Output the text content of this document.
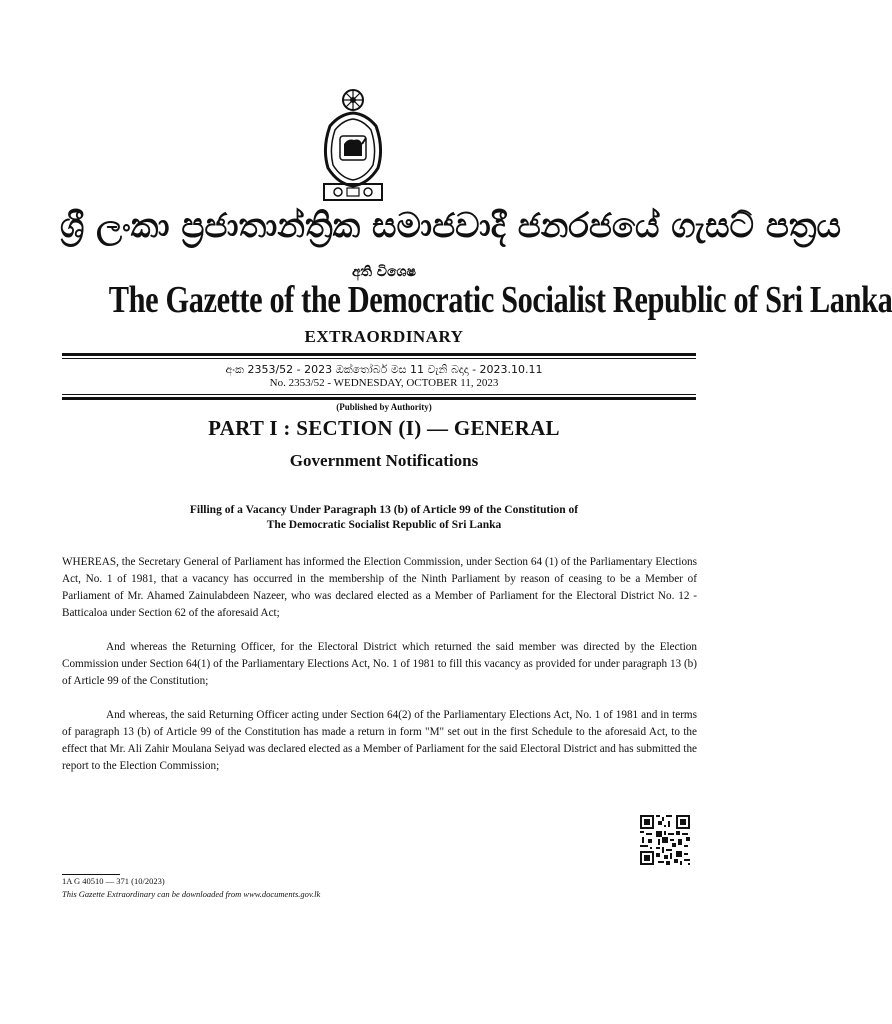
ශ්‍රී ලංකා ප්‍රජාතාන්ත්‍රික සමාජවාදී ජනරජයේ ගැසට් පත්‍රය
අති විශෙෂ
The Gazette of the Democratic Socialist Republic of Sri Lanka
EXTRAORDINARY
අංක 2353/52 - 2023 ඔක්තෝබර් මස 11 වැනි බදාදා - 2023.10.11
No. 2353/52 - WEDNESDAY, OCTOBER 11, 2023
(Published by Authority)
PART I : SECTION (I) — GENERAL
Government Notifications
Filling of a Vacancy Under Paragraph 13 (b) of Article 99 of the Constitution of
The Democratic Socialist Republic of Sri Lanka

WHEREAS, the Secretary General of Parliament has informed the Election Commission, under Section 64 (1) of the Parliamentary Elections Act, No. 1 of 1981, that a vacancy has occurred in the membership of the Ninth Parliament by reason of ceasing to be a Member of Parliament of Mr. Ahamed Zainulabdeen Nazeer, who was declared elected as a Member of Parliament for the Electoral District No. 12 - Batticaloa under Section 62 of the aforesaid Act;

And whereas the Returning Officer, for the Electoral District which returned the said member was directed by the Election Commission under Section 64(1) of the Parliamentary Elections Act, No. 1 of 1981 to fill this vacancy as provided for under paragraph 13 (b) of Article 99 of the Constitution;

And whereas, the said Returning Officer acting under Section 64(2) of the Parliamentary Elections Act, No. 1 of 1981 and in terms of paragraph 13 (b) of Article 99 of the Constitution has made a return in form "M" set out in the first Schedule to the aforesaid Act, to the effect that Mr. Ali Zahir Moulana Seiyad was declared elected as a Member of Parliament for the said Electoral District and has submitted the report to the Election Commission;

1A G 40510 — 371 (10/2023)
This Gazette Extraordinary can be downloaded from www.documents.gov.lk
